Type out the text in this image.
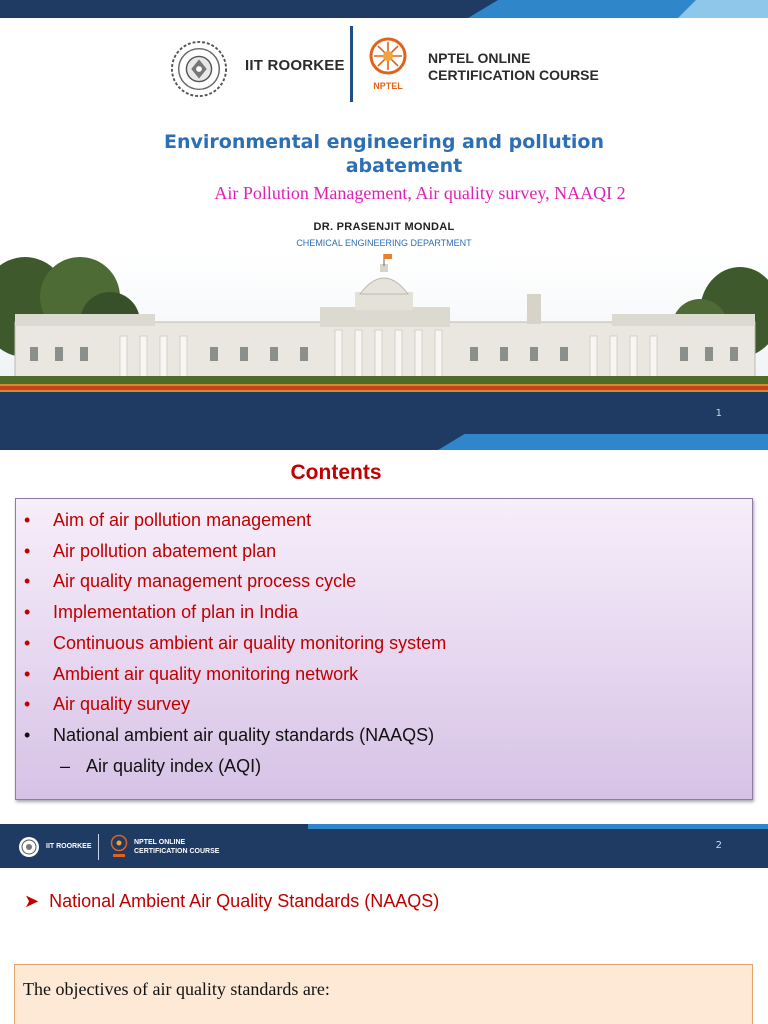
IIT ROORKEE
NPTEL
NPTEL ONLINE
CERTIFICATION COURSE
Environmental engineering and pollution
abatement
Air Pollution Management, Air quality survey, NAAQI 2
DR. PRASENJIT MONDAL
CHEMICAL ENGINEERING DEPARTMENT
1
Contents
• Aim of air pollution management
• Air pollution abatement plan
• Air quality management process cycle
• Implementation of plan in India
• Continuous ambient air quality monitoring system
• Ambient air quality monitoring network
• Air quality survey
• National ambient air quality standards (NAAQS)
– Air quality index (AQI)
IIT ROORKEE
NPTEL ONLINE
CERTIFICATION COURSE
2
➤ National Ambient Air Quality Standards (NAAQS)
The objectives of air quality standards are:
